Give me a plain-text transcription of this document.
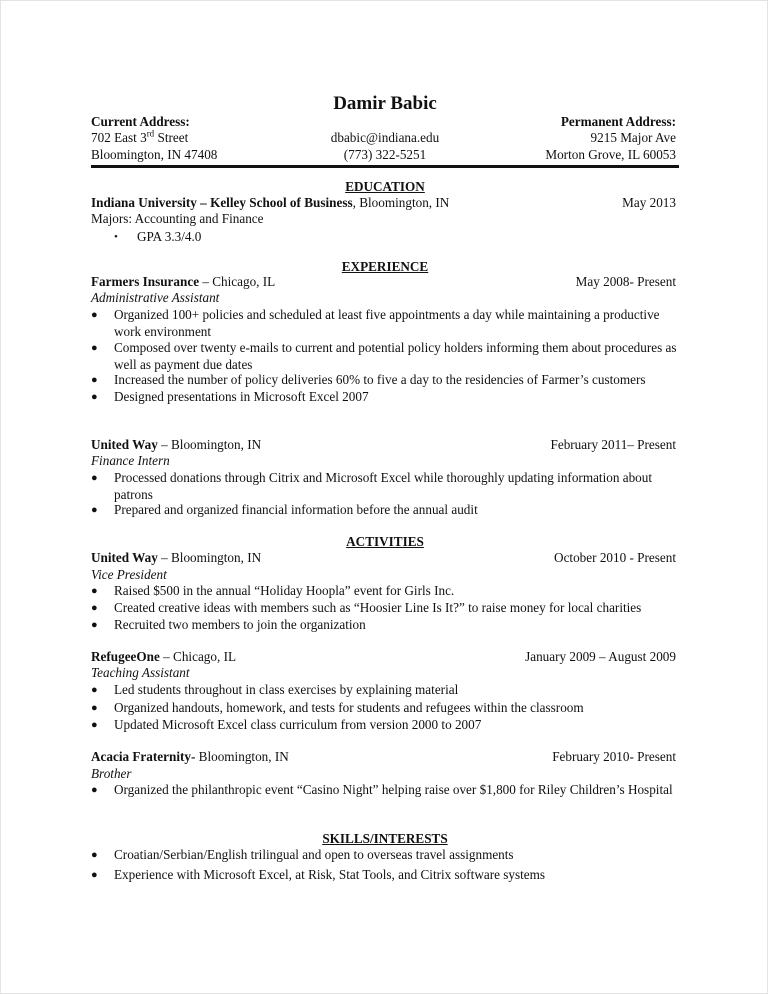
Damir Babic
Current Address:
702 East 3rd Street
Bloomington, IN 47408
dbabic@indiana.edu
(773) 322-5251
Permanent Address:
9215 Major Ave
Morton Grove, IL 60053
EDUCATION
Indiana University – Kelley School of Business, Bloomington, IN	May 2013
Majors: Accounting and Finance
• GPA 3.3/4.0
EXPERIENCE
Farmers Insurance – Chicago, IL	May 2008- Present
Administrative Assistant
● Organized 100+ policies and scheduled at least five appointments a day while maintaining a productive work environment
● Composed over twenty e-mails to current and potential policy holders informing them about procedures as well as payment due dates
● Increased the number of policy deliveries 60% to five a day to the residencies of Farmer’s customers
● Designed presentations in Microsoft Excel 2007
United Way – Bloomington, IN	February 2011– Present
Finance Intern
● Processed donations through Citrix and Microsoft Excel while thoroughly updating information about patrons
● Prepared and organized financial information before the annual audit
ACTIVITIES
United Way – Bloomington, IN	October 2010 - Present
Vice President
● Raised $500 in the annual “Holiday Hoopla” event for Girls Inc.
● Created creative ideas with members such as “Hoosier Line Is It?” to raise money for local charities
● Recruited two members to join the organization
RefugeeOne – Chicago, IL	January 2009 – August 2009
Teaching Assistant
● Led students throughout in class exercises by explaining material
● Organized handouts, homework, and tests for students and refugees within the classroom
● Updated Microsoft Excel class curriculum from version 2000 to 2007
Acacia Fraternity- Bloomington, IN	February 2010- Present
Brother
● Organized the philanthropic event “Casino Night” helping raise over $1,800 for Riley Children’s Hospital
SKILLS/INTERESTS
● Croatian/Serbian/English trilingual and open to overseas travel assignments
● Experience with Microsoft Excel, at Risk, Stat Tools, and Citrix software systems
